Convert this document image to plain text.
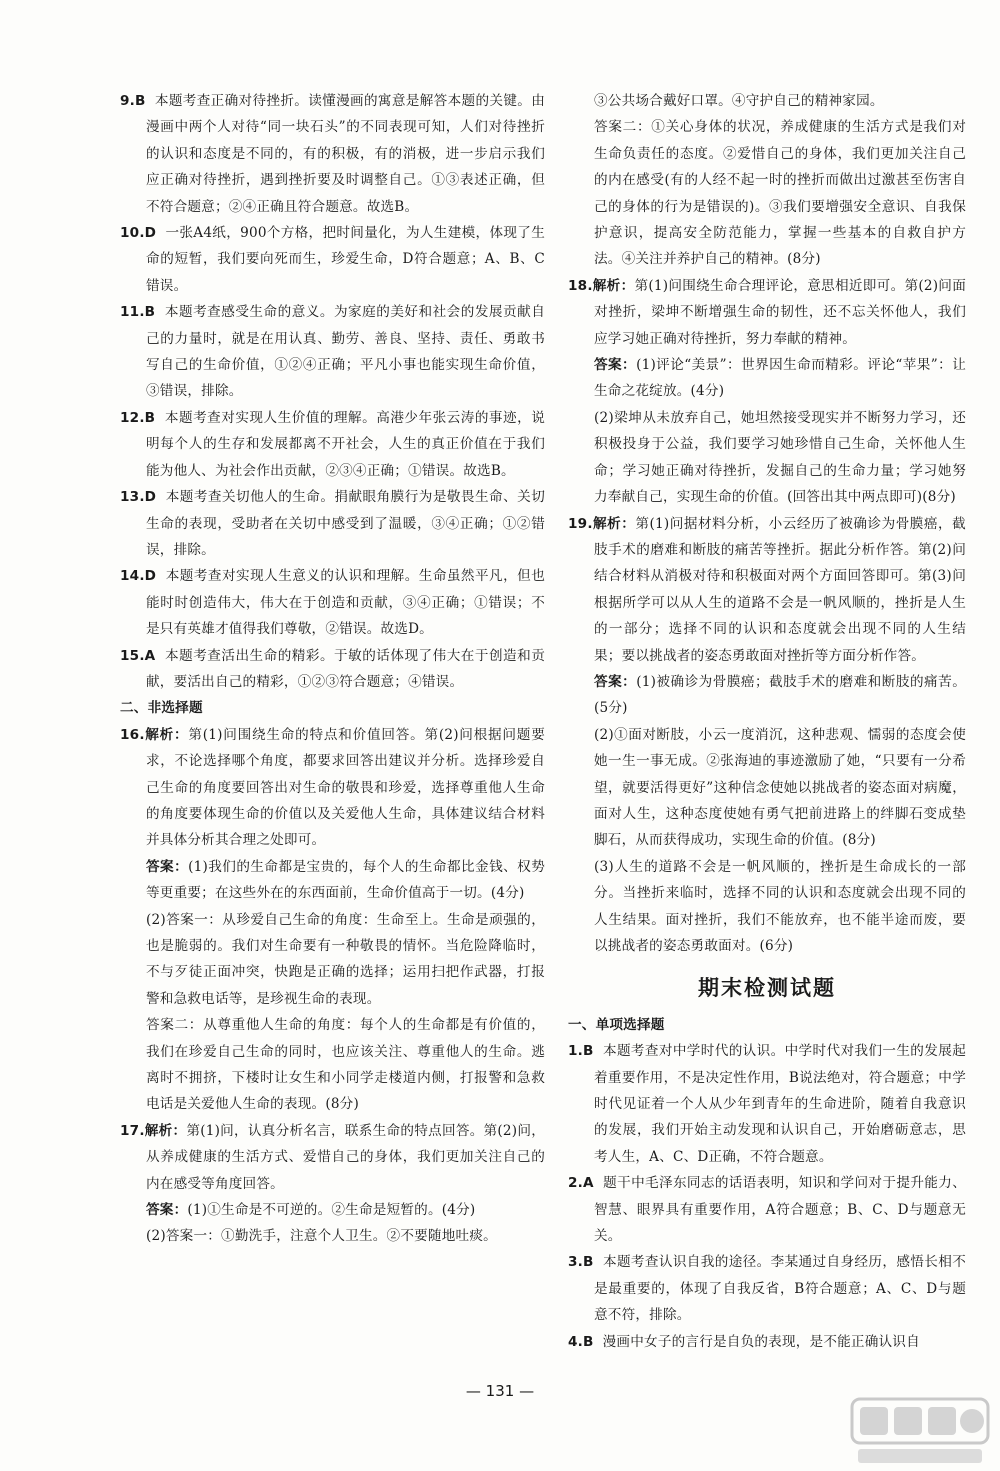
9.B 本题考查正确对待挫折。读懂漫画的寓意是解答本题的关键。由漫画中两个人对待“同一块石头”的不同表现可知，人们对待挫折的认识和态度是不同的，有的积极，有的消极，进一步启示我们应正确对待挫折，遇到挫折要及时调整自己。①③表述正确，但不符合题意；②④正确且符合题意。故选B。

10.D 一张A4纸，900个方格，把时间量化，为人生建模，体现了生命的短暂，我们要向死而生，珍爱生命，D符合题意；A、B、C错误。

11.B 本题考查感受生命的意义。为家庭的美好和社会的发展贡献自己的力量时，就是在用认真、勤劳、善良、坚持、责任、勇敢书写自己的生命价值，①②④正确；平凡小事也能实现生命价值，③错误，排除。

12.B 本题考查对实现人生价值的理解。高港少年张云涛的事迹，说明每个人的生存和发展都离不开社会，人生的真正价值在于我们能为他人、为社会作出贡献，②③④正确；①错误。故选B。

13.D 本题考查关切他人的生命。捐献眼角膜行为是敬畏生命、关切生命的表现，受助者在关切中感受到了温暖，③④正确；①②错误，排除。

14.D 本题考查对实现人生意义的认识和理解。生命虽然平凡，但也能时时创造伟大，伟大在于创造和贡献，③④正确；①错误；不是只有英雄才值得我们尊敬，②错误。故选D。

15.A 本题考查活出生命的精彩。于敏的话体现了伟大在于创造和贡献，要活出自己的精彩，①②③符合题意；④错误。

二、非选择题

16.解析：第(1)问围绕生命的特点和价值回答。第(2)问根据问题要求，不论选择哪个角度，都要求回答出建议并分析。选择珍爱自己生命的角度要回答出对生命的敬畏和珍爱，选择尊重他人生命的角度要体现生命的价值以及关爱他人生命，具体建议结合材料并具体分析其合理之处即可。

答案：(1)我们的生命都是宝贵的，每个人的生命都比金钱、权势等更重要；在这些外在的东西面前，生命价值高于一切。(4分)

(2)答案一：从珍爱自己生命的角度：生命至上。生命是顽强的，也是脆弱的。我们对生命要有一种敬畏的情怀。当危险降临时，不与歹徒正面冲突，快跑是正确的选择；运用扫把作武器，打报警和急救电话等，是珍视生命的表现。

答案二：从尊重他人生命的角度：每个人的生命都是有价值的，我们在珍爱自己生命的同时，也应该关注、尊重他人的生命。逃离时不拥挤，下楼时让女生和小同学走楼道内侧，打报警和急救电话是关爱他人生命的表现。(8分)

17.解析：第(1)问，认真分析名言，联系生命的特点回答。第(2)问，从养成健康的生活方式、爱惜自己的身体，我们更加关注自己的内在感受等角度回答。

答案：(1)①生命是不可逆的。②生命是短暂的。(4分)

(2)答案一：①勤洗手，注意个人卫生。②不要随地吐痰。

③公共场合戴好口罩。④守护自己的精神家园。

答案二：①关心身体的状况，养成健康的生活方式是我们对生命负责任的态度。②爱惜自己的身体，我们更加关注自己的内在感受(有的人经不起一时的挫折而做出过激甚至伤害自己的身体的行为是错误的)。③我们要增强安全意识、自我保护意识，提高安全防范能力，掌握一些基本的自救自护方法。④关注并养护自己的精神。(8分)

18.解析：第(1)问围绕生命合理评论，意思相近即可。第(2)问面对挫折，梁坤不断增强生命的韧性，还不忘关怀他人，我们应学习她正确对待挫折，努力奉献的精神。

答案：(1)评论“美景”：世界因生命而精彩。评论“苹果”：让生命之花绽放。(4分)

(2)梁坤从未放弃自己，她坦然接受现实并不断努力学习，还积极投身于公益，我们要学习她珍惜自己生命，关怀他人生命；学习她正确对待挫折，发掘自己的生命力量；学习她努力奉献自己，实现生命的价值。(回答出其中两点即可)(8分)

19.解析：第(1)问据材料分析，小云经历了被确诊为骨膜癌，截肢手术的磨难和断肢的痛苦等挫折。据此分析作答。第(2)问结合材料从消极对待和积极面对两个方面回答即可。第(3)问根据所学可以从人生的道路不会是一帆风顺的，挫折是人生的一部分；选择不同的认识和态度就会出现不同的人生结果；要以挑战者的姿态勇敢面对挫折等方面分析作答。

答案：(1)被确诊为骨膜癌；截肢手术的磨难和断肢的痛苦。(5分)

(2)①面对断肢，小云一度消沉，这种悲观、懦弱的态度会使她一生一事无成。②张海迪的事迹激励了她，“只要有一分希望，就要活得更好”这种信念使她以挑战者的姿态面对病魔，面对人生，这种态度使她有勇气把前进路上的绊脚石变成垫脚石，从而获得成功，实现生命的价值。(8分)

(3)人生的道路不会是一帆风顺的，挫折是生命成长的一部分。当挫折来临时，选择不同的认识和态度就会出现不同的人生结果。面对挫折，我们不能放弃，也不能半途而废，要以挑战者的姿态勇敢面对。(6分)

期末检测试题

一、单项选择题

1.B 本题考查对中学时代的认识。中学时代对我们一生的发展起着重要作用，不是决定性作用，B说法绝对，符合题意；中学时代见证着一个人从少年到青年的生命进阶，随着自我意识的发展，我们开始主动发现和认识自己，开始磨砺意志，思考人生，A、C、D正确，不符合题意。

2.A 题干中毛泽东同志的话语表明，知识和学问对于提升能力、智慧、眼界具有重要作用，A符合题意；B、C、D与题意无关。

3.B 本题考查认识自我的途径。李某通过自身经历，感悟长相不是最重要的，体现了自我反省，B符合题意；A、C、D与题意不符，排除。

4.B 漫画中女子的言行是自负的表现，是不能正确认识自

— 131 —
